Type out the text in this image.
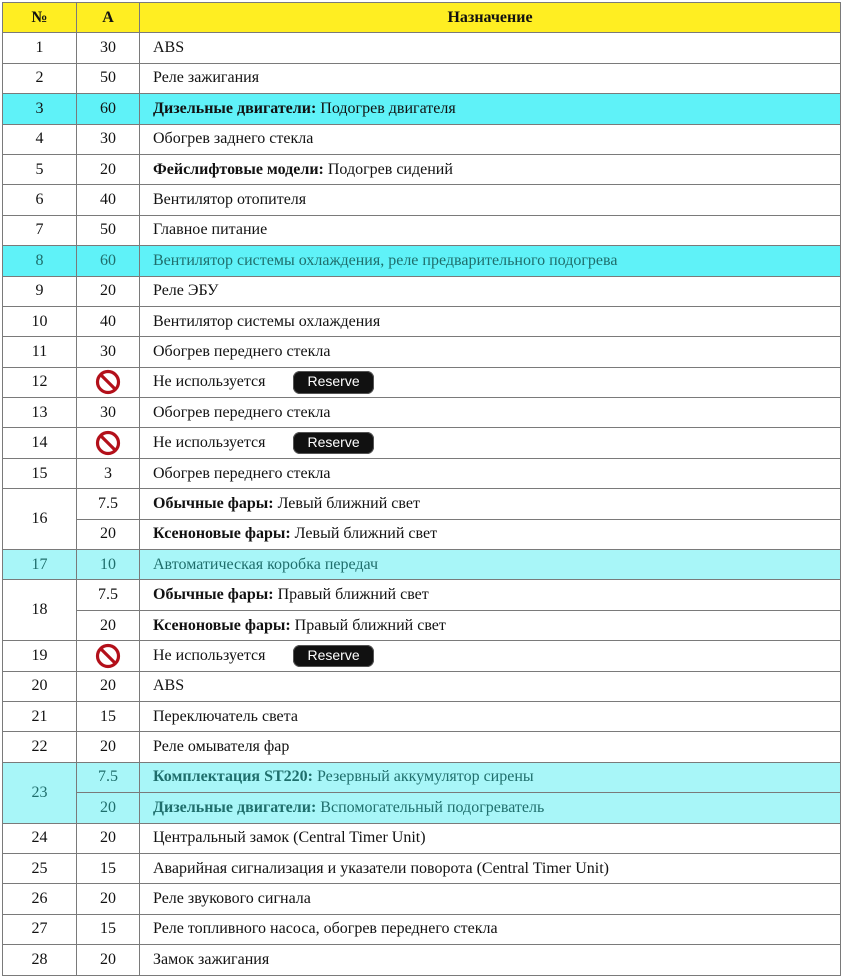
№	А	Назначение
1	30	ABS
2	50	Реле зажигания
3	60	Дизельные двигатели: Подогрев двигателя
4	30	Обогрев заднего стекла
5	20	Фейслифтовые модели: Подогрев сидений
6	40	Вентилятор отопителя
7	50	Главное питание
8	60	Вентилятор системы охлаждения, реле предварительного подогрева
9	20	Реле ЭБУ
10	40	Вентилятор системы охлаждения
11	30	Обогрев переднего стекла
12		Не используется Reserve
13	30	Обогрев переднего стекла
14		Не используется Reserve
15	3	Обогрев переднего стекла
16	7.5	Обычные фары: Левый ближний свет
	20	Ксеноновые фары: Левый ближний свет
17	10	Автоматическая коробка передач
18	7.5	Обычные фары: Правый ближний свет
	20	Ксеноновые фары: Правый ближний свет
19		Не используется Reserve
20	20	ABS
21	15	Переключатель света
22	20	Реле омывателя фар
23	7.5	Комплектация ST220: Резервный аккумулятор сирены
	20	Дизельные двигатели: Вспомогательный подогреватель
24	20	Центральный замок (Central Timer Unit)
25	15	Аварийная сигнализация и указатели поворота (Central Timer Unit)
26	20	Реле звукового сигнала
27	15	Реле топливного насоса, обогрев переднего стекла
28	20	Замок зажигания
